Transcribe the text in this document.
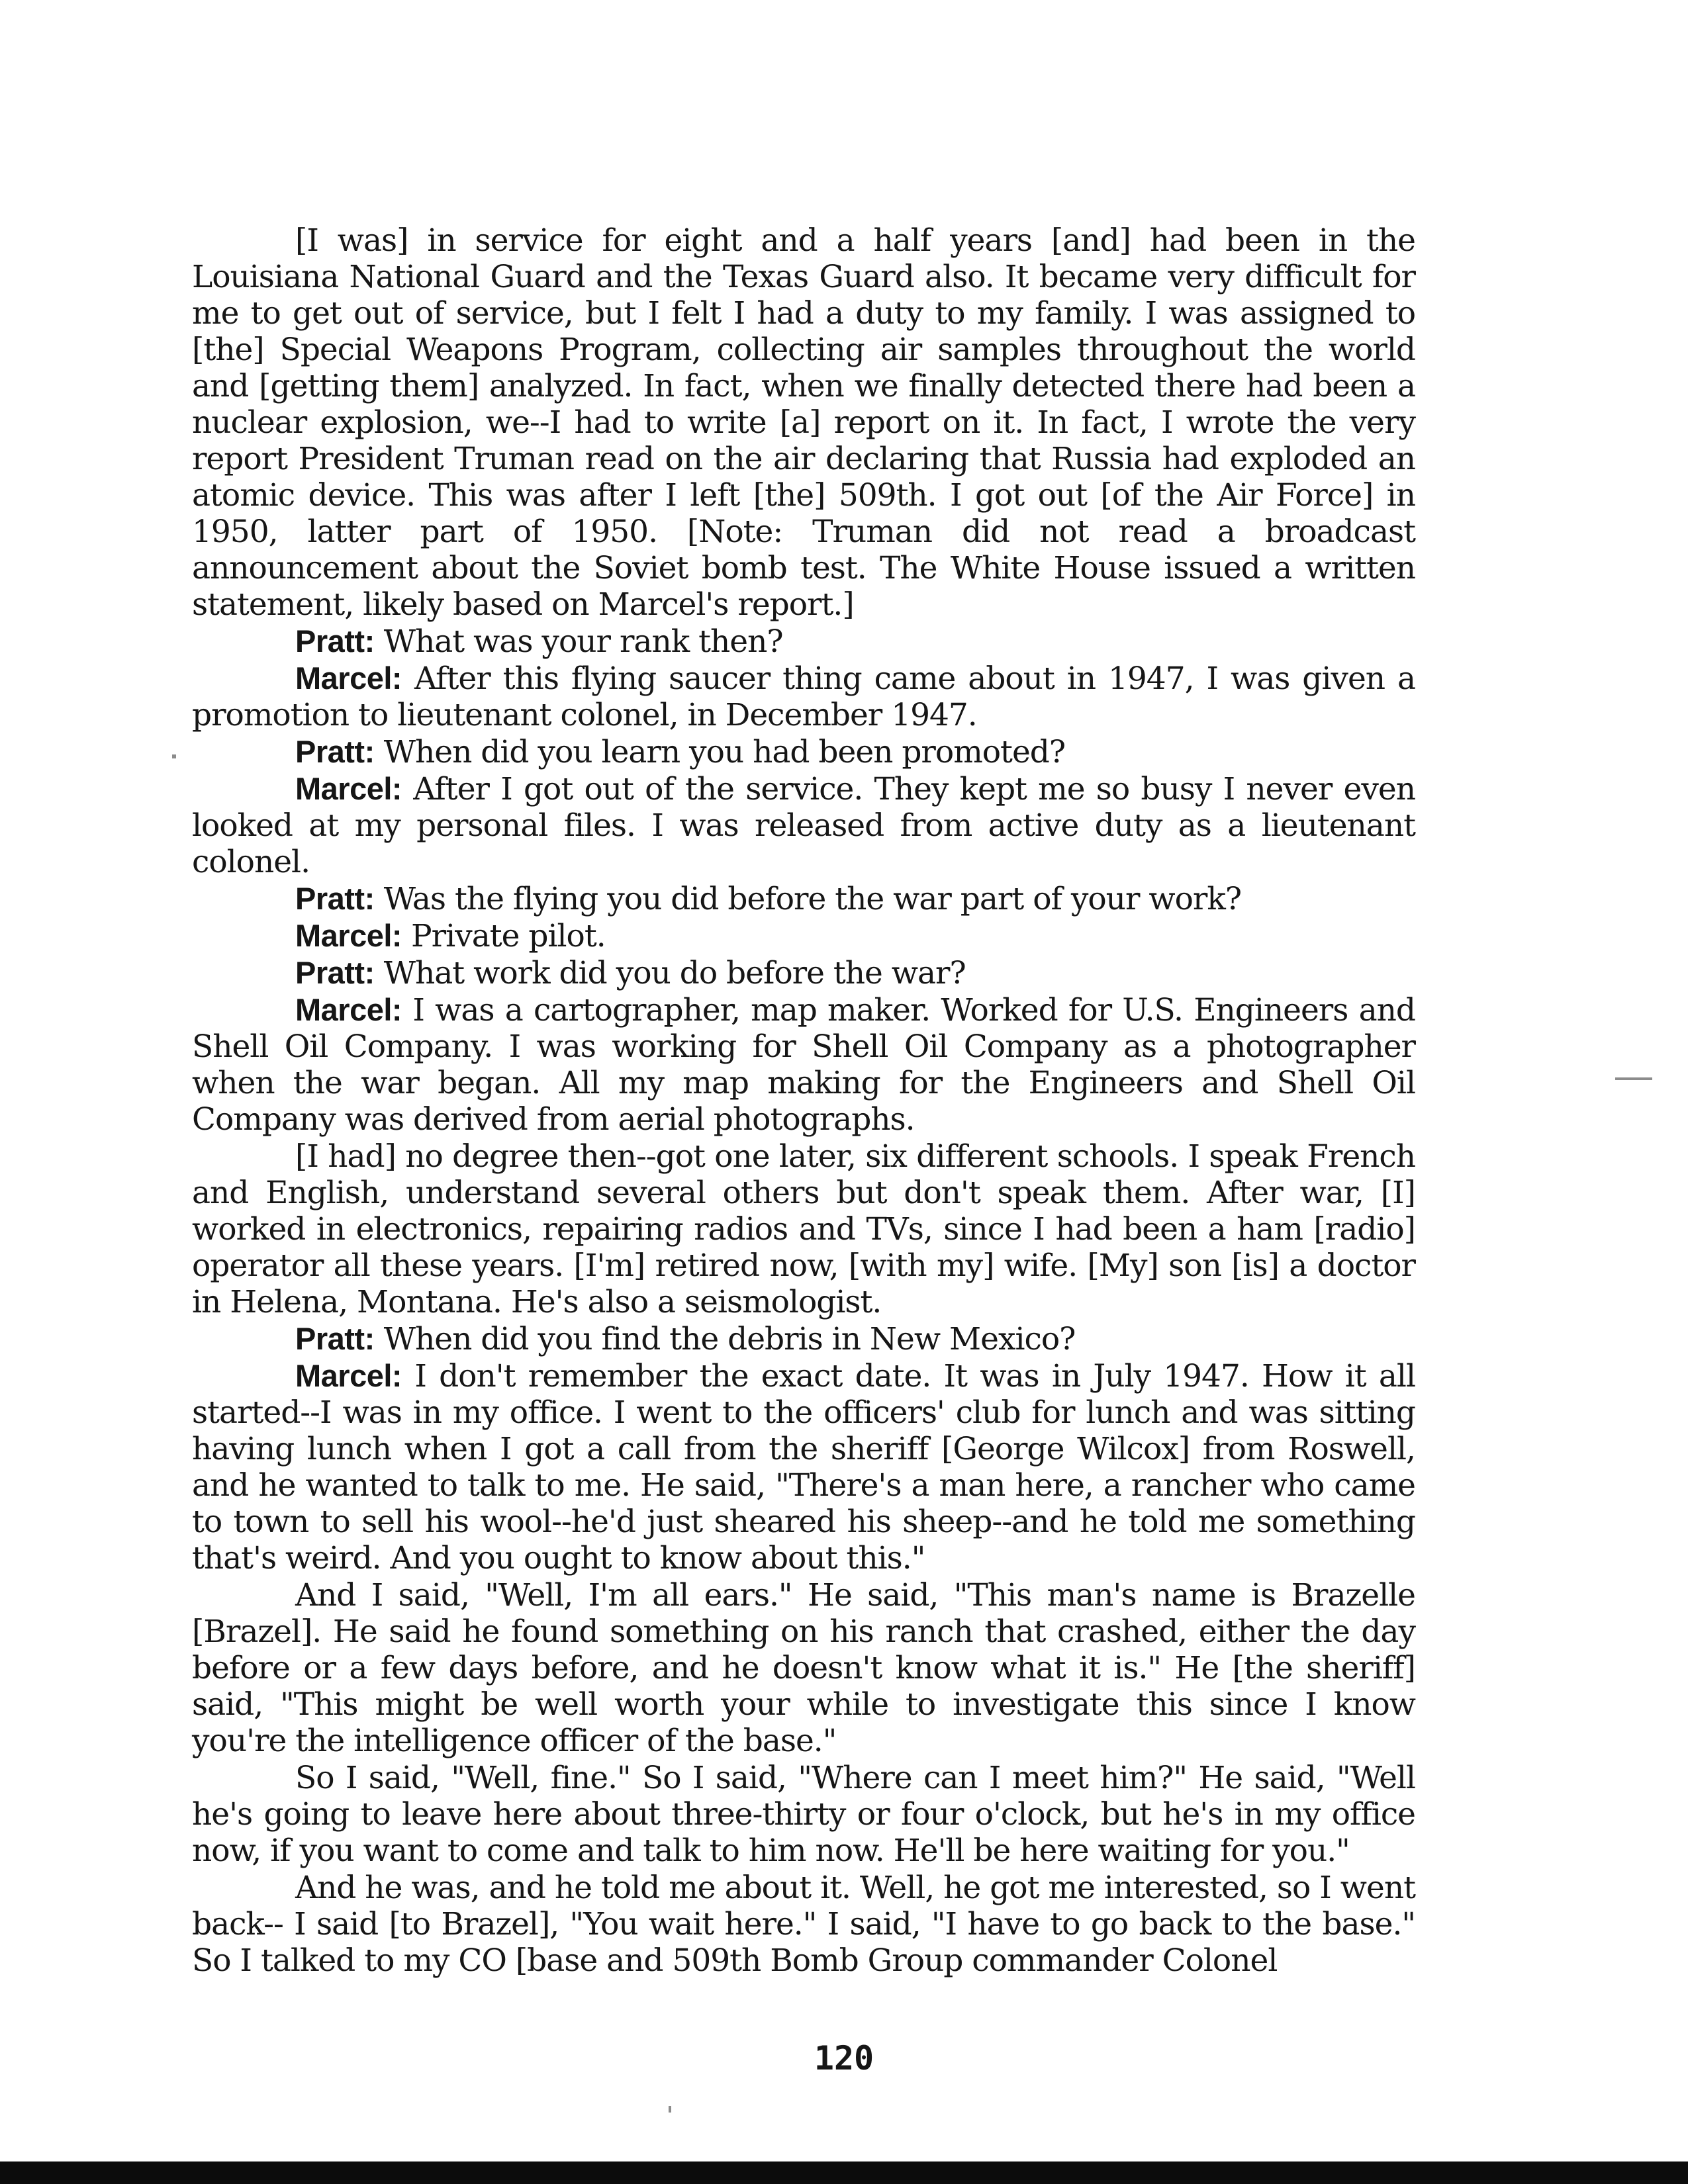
[I was] in service for eight and a half years [and] had been in the Louisiana National Guard and the Texas Guard also. It became very difficult for me to get out of service, but I felt I had a duty to my family. I was assigned to [the] Special Weapons Program, collecting air samples throughout the world and [getting them] analyzed. In fact, when we finally detected there had been a nuclear explosion, we--I had to write [a] report on it. In fact, I wrote the very report President Truman read on the air declaring that Russia had exploded an atomic device. This was after I left [the] 509th. I got out [of the Air Force] in 1950, latter part of 1950. [Note: Truman did not read a broadcast announcement about the Soviet bomb test. The White House issued a written statement, likely based on Marcel's report.]

Pratt: What was your rank then?

Marcel: After this flying saucer thing came about in 1947, I was given a promotion to lieutenant colonel, in December 1947.

Pratt: When did you learn you had been promoted?

Marcel: After I got out of the service. They kept me so busy I never even looked at my personal files. I was released from active duty as a lieutenant colonel.

Pratt: Was the flying you did before the war part of your work?

Marcel: Private pilot.

Pratt: What work did you do before the war?

Marcel: I was a cartographer, map maker. Worked for U.S. Engineers and Shell Oil Company. I was working for Shell Oil Company as a photographer when the war began. All my map making for the Engineers and Shell Oil Company was derived from aerial photographs.

[I had] no degree then--got one later, six different schools. I speak French and English, understand several others but don't speak them. After war, [I] worked in electronics, repairing radios and TVs, since I had been a ham [radio] operator all these years. [I'm] retired now, [with my] wife. [My] son [is] a doctor in Helena, Montana. He's also a seismologist.

Pratt: When did you find the debris in New Mexico?

Marcel: I don't remember the exact date. It was in July 1947. How it all started--I was in my office. I went to the officers' club for lunch and was sitting having lunch when I got a call from the sheriff [George Wilcox] from Roswell, and he wanted to talk to me. He said, "There's a man here, a rancher who came to town to sell his wool--he'd just sheared his sheep--and he told me something that's weird. And you ought to know about this."

And I said, "Well, I'm all ears." He said, "This man's name is Brazelle [Brazel]. He said he found something on his ranch that crashed, either the day before or a few days before, and he doesn't know what it is." He [the sheriff] said, "This might be well worth your while to investigate this since I know you're the intelligence officer of the base."

So I said, "Well, fine." So I said, "Where can I meet him?" He said, "Well he's going to leave here about three-thirty or four o'clock, but he's in my office now, if you want to come and talk to him now. He'll be here waiting for you."

And he was, and he told me about it. Well, he got me interested, so I went back-- I said [to Brazel], "You wait here." I said, "I have to go back to the base." So I talked to my CO [base and 509th Bomb Group commander Colonel

120
